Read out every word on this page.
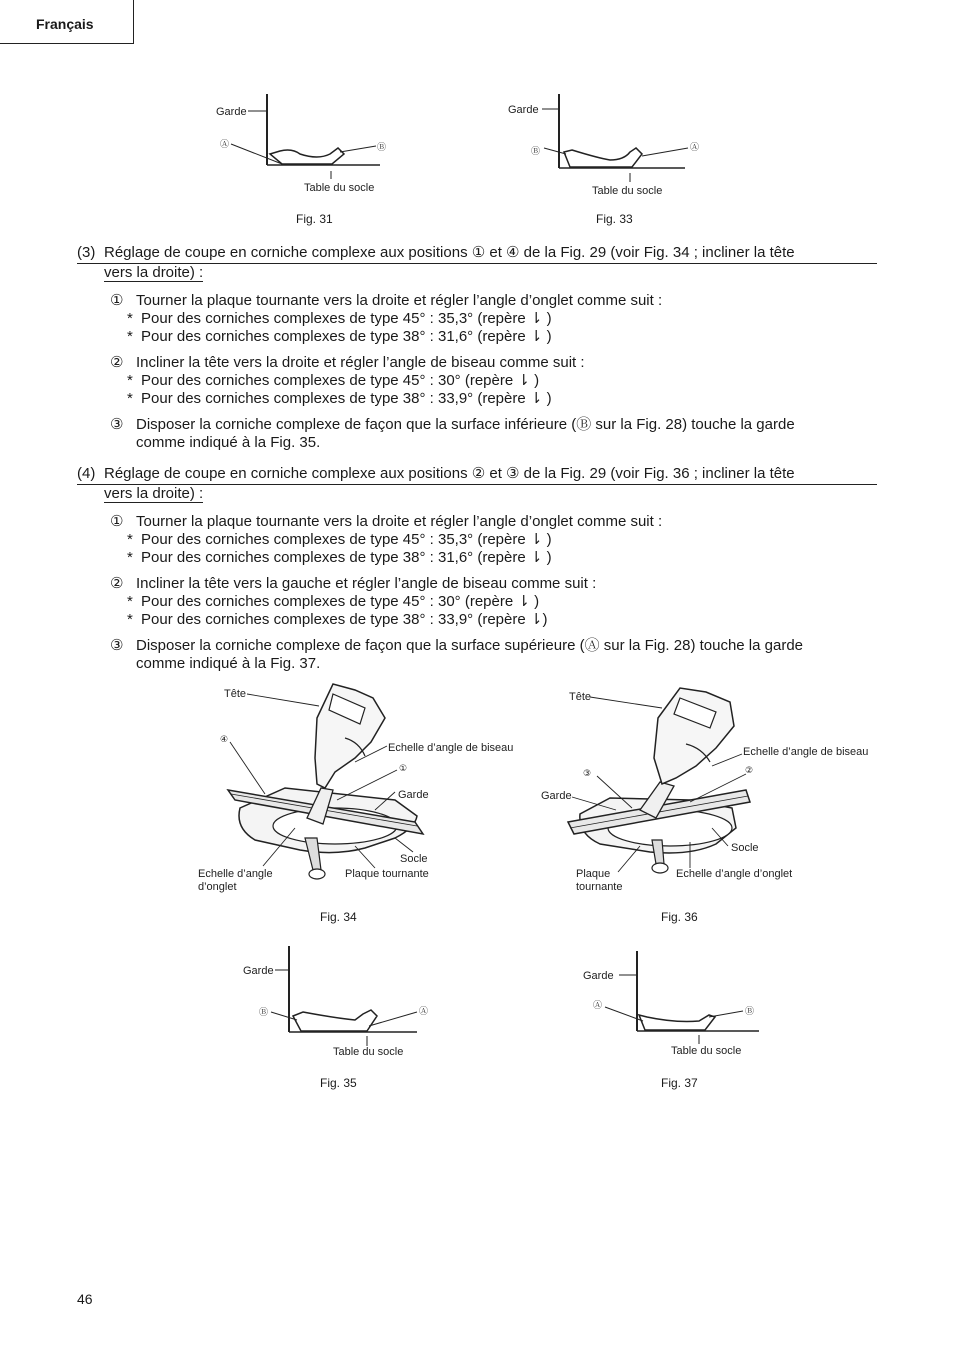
Français
Garde
Ⓐ	Ⓑ
Table du socle
Fig. 31
Garde
Ⓑ	Ⓐ
Table du socle
Fig. 33
(3) Réglage de coupe en corniche complexe aux positions ① et ④ de la Fig. 29 (voir Fig. 34 ; incliner la tête
vers la droite) :
① Tourner la plaque tournante vers la droite et régler l’angle d’onglet comme suit :
* Pour des corniches complexes de type 45° : 35,3° (repère ⇂ )
* Pour des corniches complexes de type 38° : 31,6° (repère ⇂ )
② Incliner la tête vers la droite et régler l’angle de biseau comme suit :
* Pour des corniches complexes de type 45° : 30° (repère ⇂ )
* Pour des corniches complexes de type 38° : 33,9° (repère ⇂ )
③ Disposer la corniche complexe de façon que la surface inférieure (Ⓑ sur la Fig. 28) touche la garde
comme indiqué à la Fig. 35.
(4) Réglage de coupe en corniche complexe aux positions ② et ③ de la Fig. 29 (voir Fig. 36 ; incliner la tête
vers la droite) :
① Tourner la plaque tournante vers la droite et régler l’angle d’onglet comme suit :
* Pour des corniches complexes de type 45° : 35,3° (repère ⇂ )
* Pour des corniches complexes de type 38° : 31,6° (repère ⇂ )
② Incliner la tête vers la gauche et régler l’angle de biseau comme suit :
* Pour des corniches complexes de type 45° : 30° (repère ⇂ )
* Pour des corniches complexes de type 38° : 33,9° (repère ⇂)
③ Disposer la corniche complexe de façon que la surface supérieure (Ⓐ sur la Fig. 28) touche la garde
comme indiqué à la Fig. 37.
Tête
④
Echelle d’angle de biseau
①
Garde
Socle
Plaque tournante
Echelle d’angle
d’onglet
Fig. 34
Tête
③
Echelle d’angle de biseau
②
Garde
Socle
Plaque
tournante
Echelle d’angle d’onglet
Fig. 36
Garde
Ⓑ	Ⓐ
Table du socle
Fig. 35
Garde
Ⓐ
Ⓑ
Table du socle
Fig. 37
46
